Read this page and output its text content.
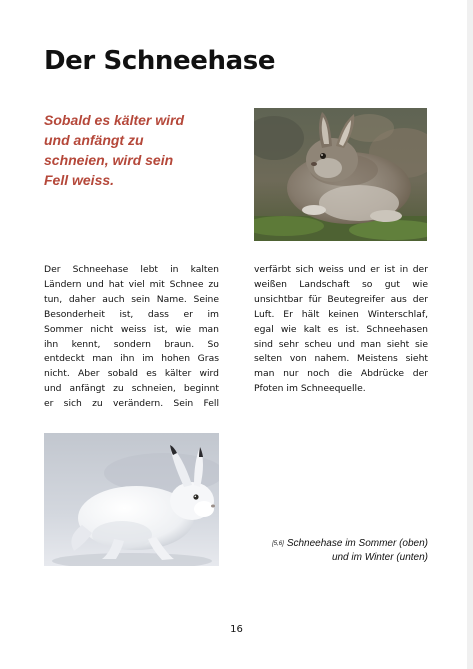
Der Schneehase
Sobald es kälter wird
und anfängt zu
schneien, wird sein
Fell weiss.
Der Schneehase lebt in kalten
Ländern und hat viel mit Schnee zu
tun, daher auch sein Name. Seine
Besonderheit ist, dass er im
Sommer nicht weiss ist, wie man
ihn kennt, sondern braun. So
entdeckt man ihn im hohen Gras
nicht. Aber sobald es kälter wird
und anfängt zu schneien, beginnt
er sich zu verändern. Sein Fell
verfärbt sich weiss und er ist in der
weißen Landschaft so gut wie
unsichtbar für Beutegreifer aus der
Luft. Er hält keinen Winterschlaf,
egal wie kalt es ist. Schneehasen
sind sehr scheu und man sieht sie
selten von nahem. Meistens sieht
man nur noch die Abdrücke der
Pfoten im Schneequelle.
[5,6] Schneehase im Sommer (oben)
und im Winter (unten)
16
